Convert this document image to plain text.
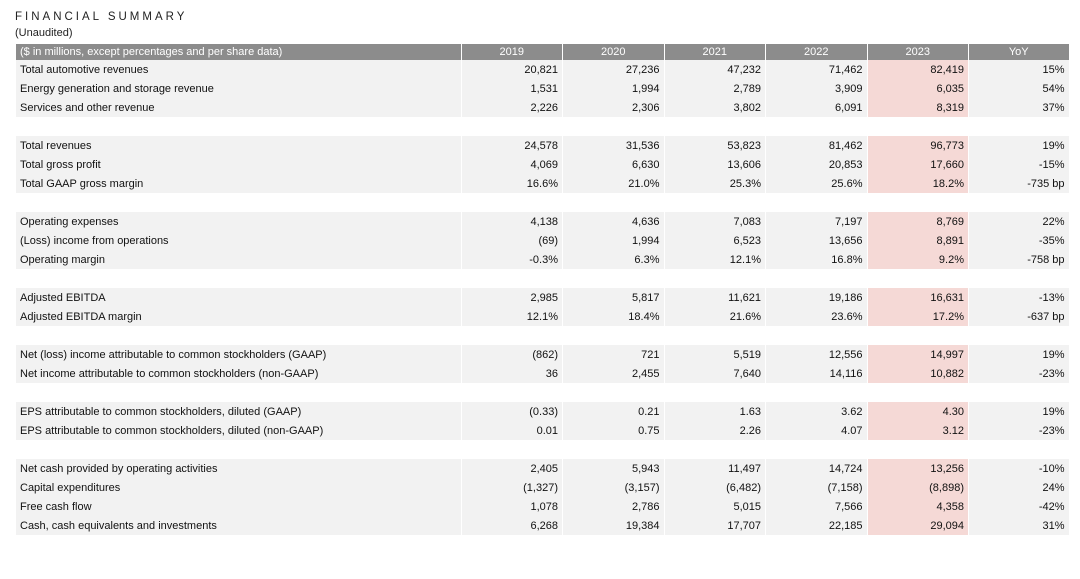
FINANCIAL SUMMARY
(Unaudited)
($ in millions, except percentages and per share data)	2019	2020	2021	2022	2023	YoY
Total automotive revenues	20,821	27,236	47,232	71,462	82,419	15%
Energy generation and storage revenue	1,531	1,994	2,789	3,909	6,035	54%
Services and other revenue	2,226	2,306	3,802	6,091	8,319	37%

Total revenues	24,578	31,536	53,823	81,462	96,773	19%
Total gross profit	4,069	6,630	13,606	20,853	17,660	-15%
Total GAAP gross margin	16.6%	21.0%	25.3%	25.6%	18.2%	-735 bp

Operating expenses	4,138	4,636	7,083	7,197	8,769	22%
(Loss) income from operations	(69)	1,994	6,523	13,656	8,891	-35%
Operating margin	-0.3%	6.3%	12.1%	16.8%	9.2%	-758 bp

Adjusted EBITDA	2,985	5,817	11,621	19,186	16,631	-13%
Adjusted EBITDA margin	12.1%	18.4%	21.6%	23.6%	17.2%	-637 bp

Net (loss) income attributable to common stockholders (GAAP)	(862)	721	5,519	12,556	14,997	19%
Net income attributable to common stockholders (non-GAAP)	36	2,455	7,640	14,116	10,882	-23%

EPS attributable to common stockholders, diluted (GAAP)	(0.33)	0.21	1.63	3.62	4.30	19%
EPS attributable to common stockholders, diluted (non-GAAP)	0.01	0.75	2.26	4.07	3.12	-23%

Net cash provided by operating activities	2,405	5,943	11,497	14,724	13,256	-10%
Capital expenditures	(1,327)	(3,157)	(6,482)	(7,158)	(8,898)	24%
Free cash flow	1,078	2,786	5,015	7,566	4,358	-42%
Cash, cash equivalents and investments	6,268	19,384	17,707	22,185	29,094	31%
